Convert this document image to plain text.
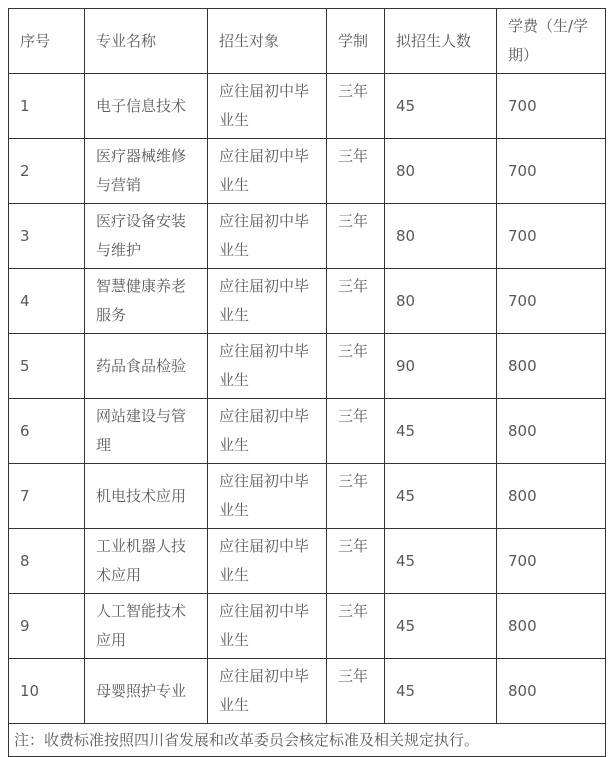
序号	专业名称	招生对象	学制	拟招生人数	学费（生/学期）
1	电子信息技术	应往届初中毕业生	三年	45	700
2	医疗器械维修与营销	应往届初中毕业生	三年	80	700
3	医疗设备安装与维护	应往届初中毕业生	三年	80	700
4	智慧健康养老服务	应往届初中毕业生	三年	80	700
5	药品食品检验	应往届初中毕业生	三年	90	800
6	网站建设与管理	应往届初中毕业生	三年	45	800
7	机电技术应用	应往届初中毕业生	三年	45	800
8	工业机器人技术应用	应往届初中毕业生	三年	45	700
9	人工智能技术应用	应往届初中毕业生	三年	45	800
10	母婴照护专业	应往届初中毕业生	三年	45	800
注：收费标准按照四川省发展和改革委员会核定标准及相关规定执行。					
